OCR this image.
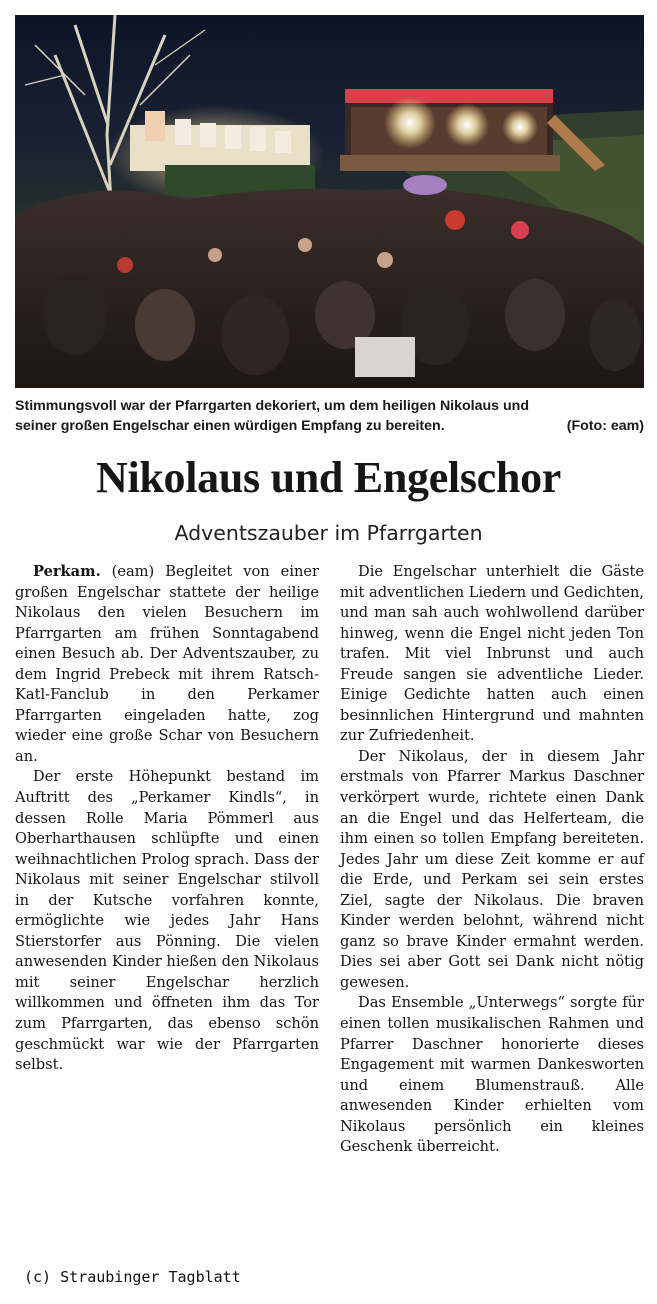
Stimmungsvoll war der Pfarrgarten dekoriert, um dem heiligen Nikolaus und
seiner großen Engelschar einen würdigen Empfang zu bereiten.	(Foto: eam)
Nikolaus und Engelschor
Adventszauber im Pfarrgarten

Perkam. (eam) Begleitet von einer großen Engelschar stattete der heilige Nikolaus den vielen Besuchern im Pfarrgarten am frühen Sonntagabend einen Besuch ab. Der Adventszauber, zu dem Ingrid Prebeck mit ihrem Ratsch-Katl-Fanclub in den Perkamer Pfarrgarten eingeladen hatte, zog wieder eine große Schar von Besuchern an.

Der erste Höhepunkt bestand im Auftritt des „Perkamer Kindls“, in dessen Rolle Maria Pömmerl aus Oberharthausen schlüpfte und einen weihnachtlichen Prolog sprach. Dass der Nikolaus mit seiner Engelschar stilvoll in der Kutsche vorfahren konnte, ermöglichte wie jedes Jahr Hans Stierstorfer aus Pönning. Die vielen anwesenden Kinder hießen den Nikolaus mit seiner Engelschar herzlich willkommen und öffneten ihm das Tor zum Pfarrgarten, das ebenso schön geschmückt war wie der Pfarrgarten selbst.

Die Engelschar unterhielt die Gäste mit adventlichen Liedern und Gedichten, und man sah auch wohlwollend darüber hinweg, wenn die Engel nicht jeden Ton trafen. Mit viel Inbrunst und auch Freude sangen sie adventliche Lieder. Einige Gedichte hatten auch einen besinnlichen Hintergrund und mahnten zur Zufriedenheit.

Der Nikolaus, der in diesem Jahr erstmals von Pfarrer Markus Daschner verkörpert wurde, richtete einen Dank an die Engel und das Helferteam, die ihm einen so tollen Empfang bereiteten. Jedes Jahr um diese Zeit komme er auf die Erde, und Perkam sei sein erstes Ziel, sagte der Nikolaus. Die braven Kinder werden belohnt, während nicht ganz so brave Kinder ermahnt werden. Dies sei aber Gott sei Dank nicht nötig gewesen.

Das Ensemble „Unterwegs“ sorgte für einen tollen musikalischen Rahmen und Pfarrer Daschner honorierte dieses Engagement mit warmen Dankesworten und einem Blumenstrauß. Alle anwesenden Kinder erhielten vom Nikolaus persönlich ein kleines Geschenk überreicht.

(c) Straubinger Tagblatt
